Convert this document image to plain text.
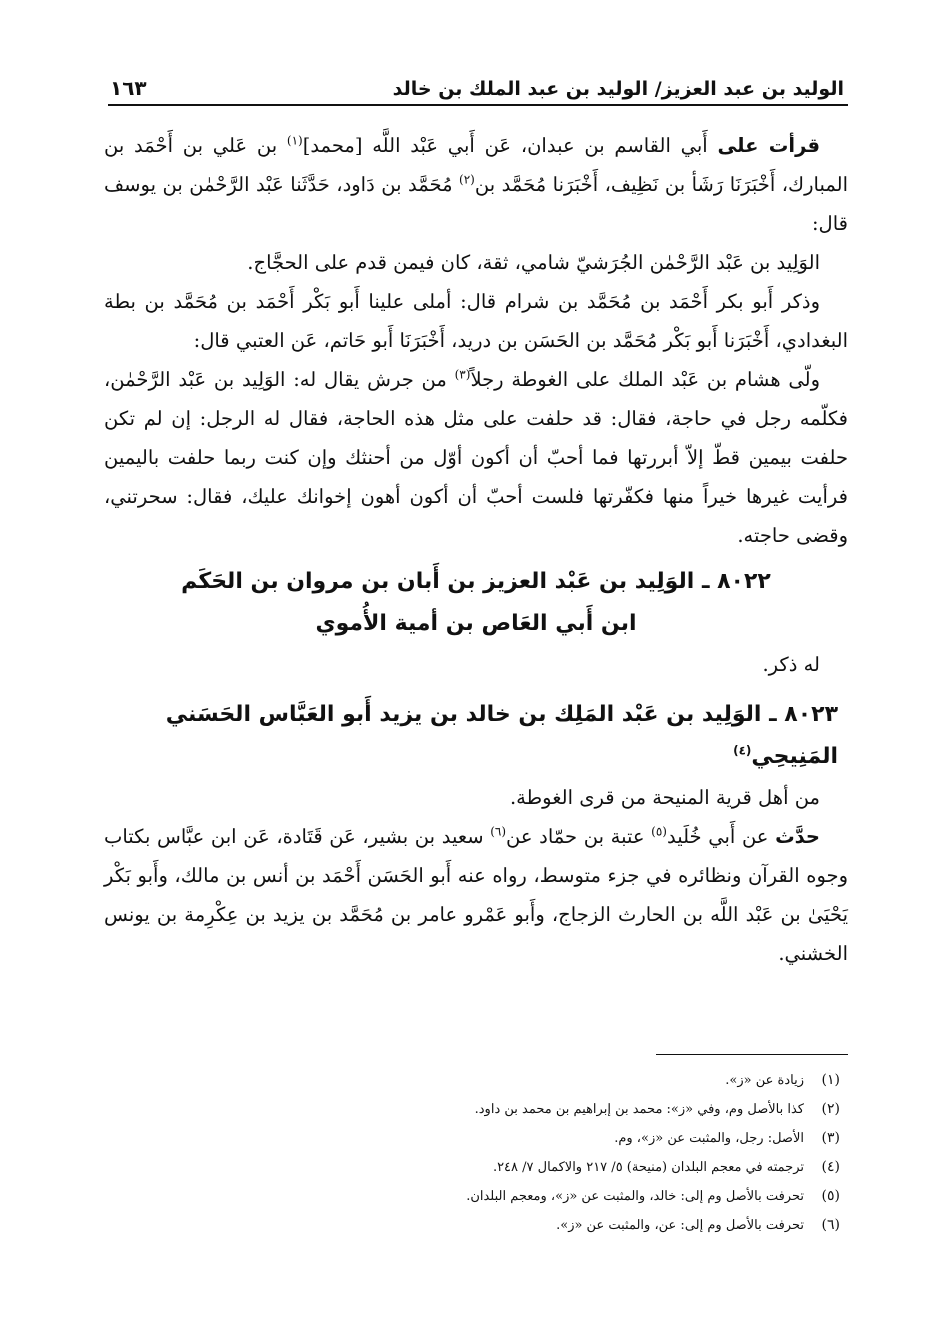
الوليد بن عبد العزيز/ الوليد بن عبد الملك بن خالد
١٦٣

قرأت على أَبي القاسم بن عبدان، عَن أَبي عَبْد اللَّه [محمد]$^{(١)}$ بن عَلي بن أَحْمَد بن المبارك، أَخْبَرَنَا رَشَأ بن نَظِيف، أَخْبَرَنا مُحَمَّد بن$^{(٢)}$ مُحَمَّد بن دَاود، حَدَّثَنا عَبْد الرَّحْمٰن بن يوسف قال:

الوَلِيد بن عَبْد الرَّحْمٰن الجُرَشيّ شامي، ثقة، كان فيمن قدم على الحجَّاج.

وذكر أَبو بكر أَحْمَد بن مُحَمَّد بن شرام قال: أملى علينا أَبو بَكْر أَحْمَد بن مُحَمَّد بن بطة البغدادي، أَخْبَرَنا أَبو بَكْر مُحَمَّد بن الحَسَن بن دريد، أَخْبَرَنَا أَبو حَاتم، عَن العتبي قال:

ولّى هشام بن عَبْد الملك على الغوطة رجلاً$^{(٣)}$ من جرش يقال له: الوَلِيد بن عَبْد الرَّحْمٰن، فكلّمه رجل في حاجة، فقال: قد حلفت على مثل هذه الحاجة، فقال له الرجل: إن لم تكن حلفت بيمين قطّ إلاّ أبررتها فما أحبّ أن أكون أوّل من أحنثك وإن كنت ربما حلفت باليمين فرأيت غيرها خيراً منها فكفّرتها فلست أحبّ أن أكون أهون إخوانك عليك، فقال: سحرتني، وقضى حاجته.

٨٠٢٢ ـ الوَلِيد بن عَبْد العزيز بن أَبان بن مروان بن الحَكَم
ابن أَبي العَاص بن أمية الأُموي

له ذكر.

٨٠٢٣ ـ الوَلِيد بن عَبْد المَلِك بن خالد بن يزيد أَبو العَبَّاس الحَسَني المَنِيحِي$^{(٤)}$

من أهل قرية المنيحة من قرى الغوطة.

حدَّث عن أَبي خُلَيد$^{(٥)}$ عتبة بن حمّاد عن$^{(٦)}$ سعيد بن بشير، عَن قَتَادة، عَن ابن عبَّاس بكتاب وجوه القرآن ونظائره في جزء متوسط، رواه عنه أَبو الحَسَن أَحْمَد بن أنس بن مالك، وأَبو بَكْر يَحْيَىٰ بن عَبْد اللَّه بن الحارث الزجاج، وأَبو عَمْرو عامر بن مُحَمَّد بن يزيد بن عِكْرِمة بن يونس الخشني.

(١)
زيادة عن «ز».
(٢)
كذا بالأصل وم، وفي «ز»: محمد بن إبراهيم بن محمد بن داود.
(٣)
الأصل: رجل، والمثبت عن «ز»، وم.
(٤)
ترجمته في معجم البلدان (منيحة) ٥/ ٢١٧ والاكمال ٧/ ٢٤٨.
(٥)
تحرفت بالأصل وم إلى: خالد، والمثبت عن «ز»، ومعجم البلدان.
(٦)
تحرفت بالأصل وم إلى: عن، والمثبت عن «ز».
